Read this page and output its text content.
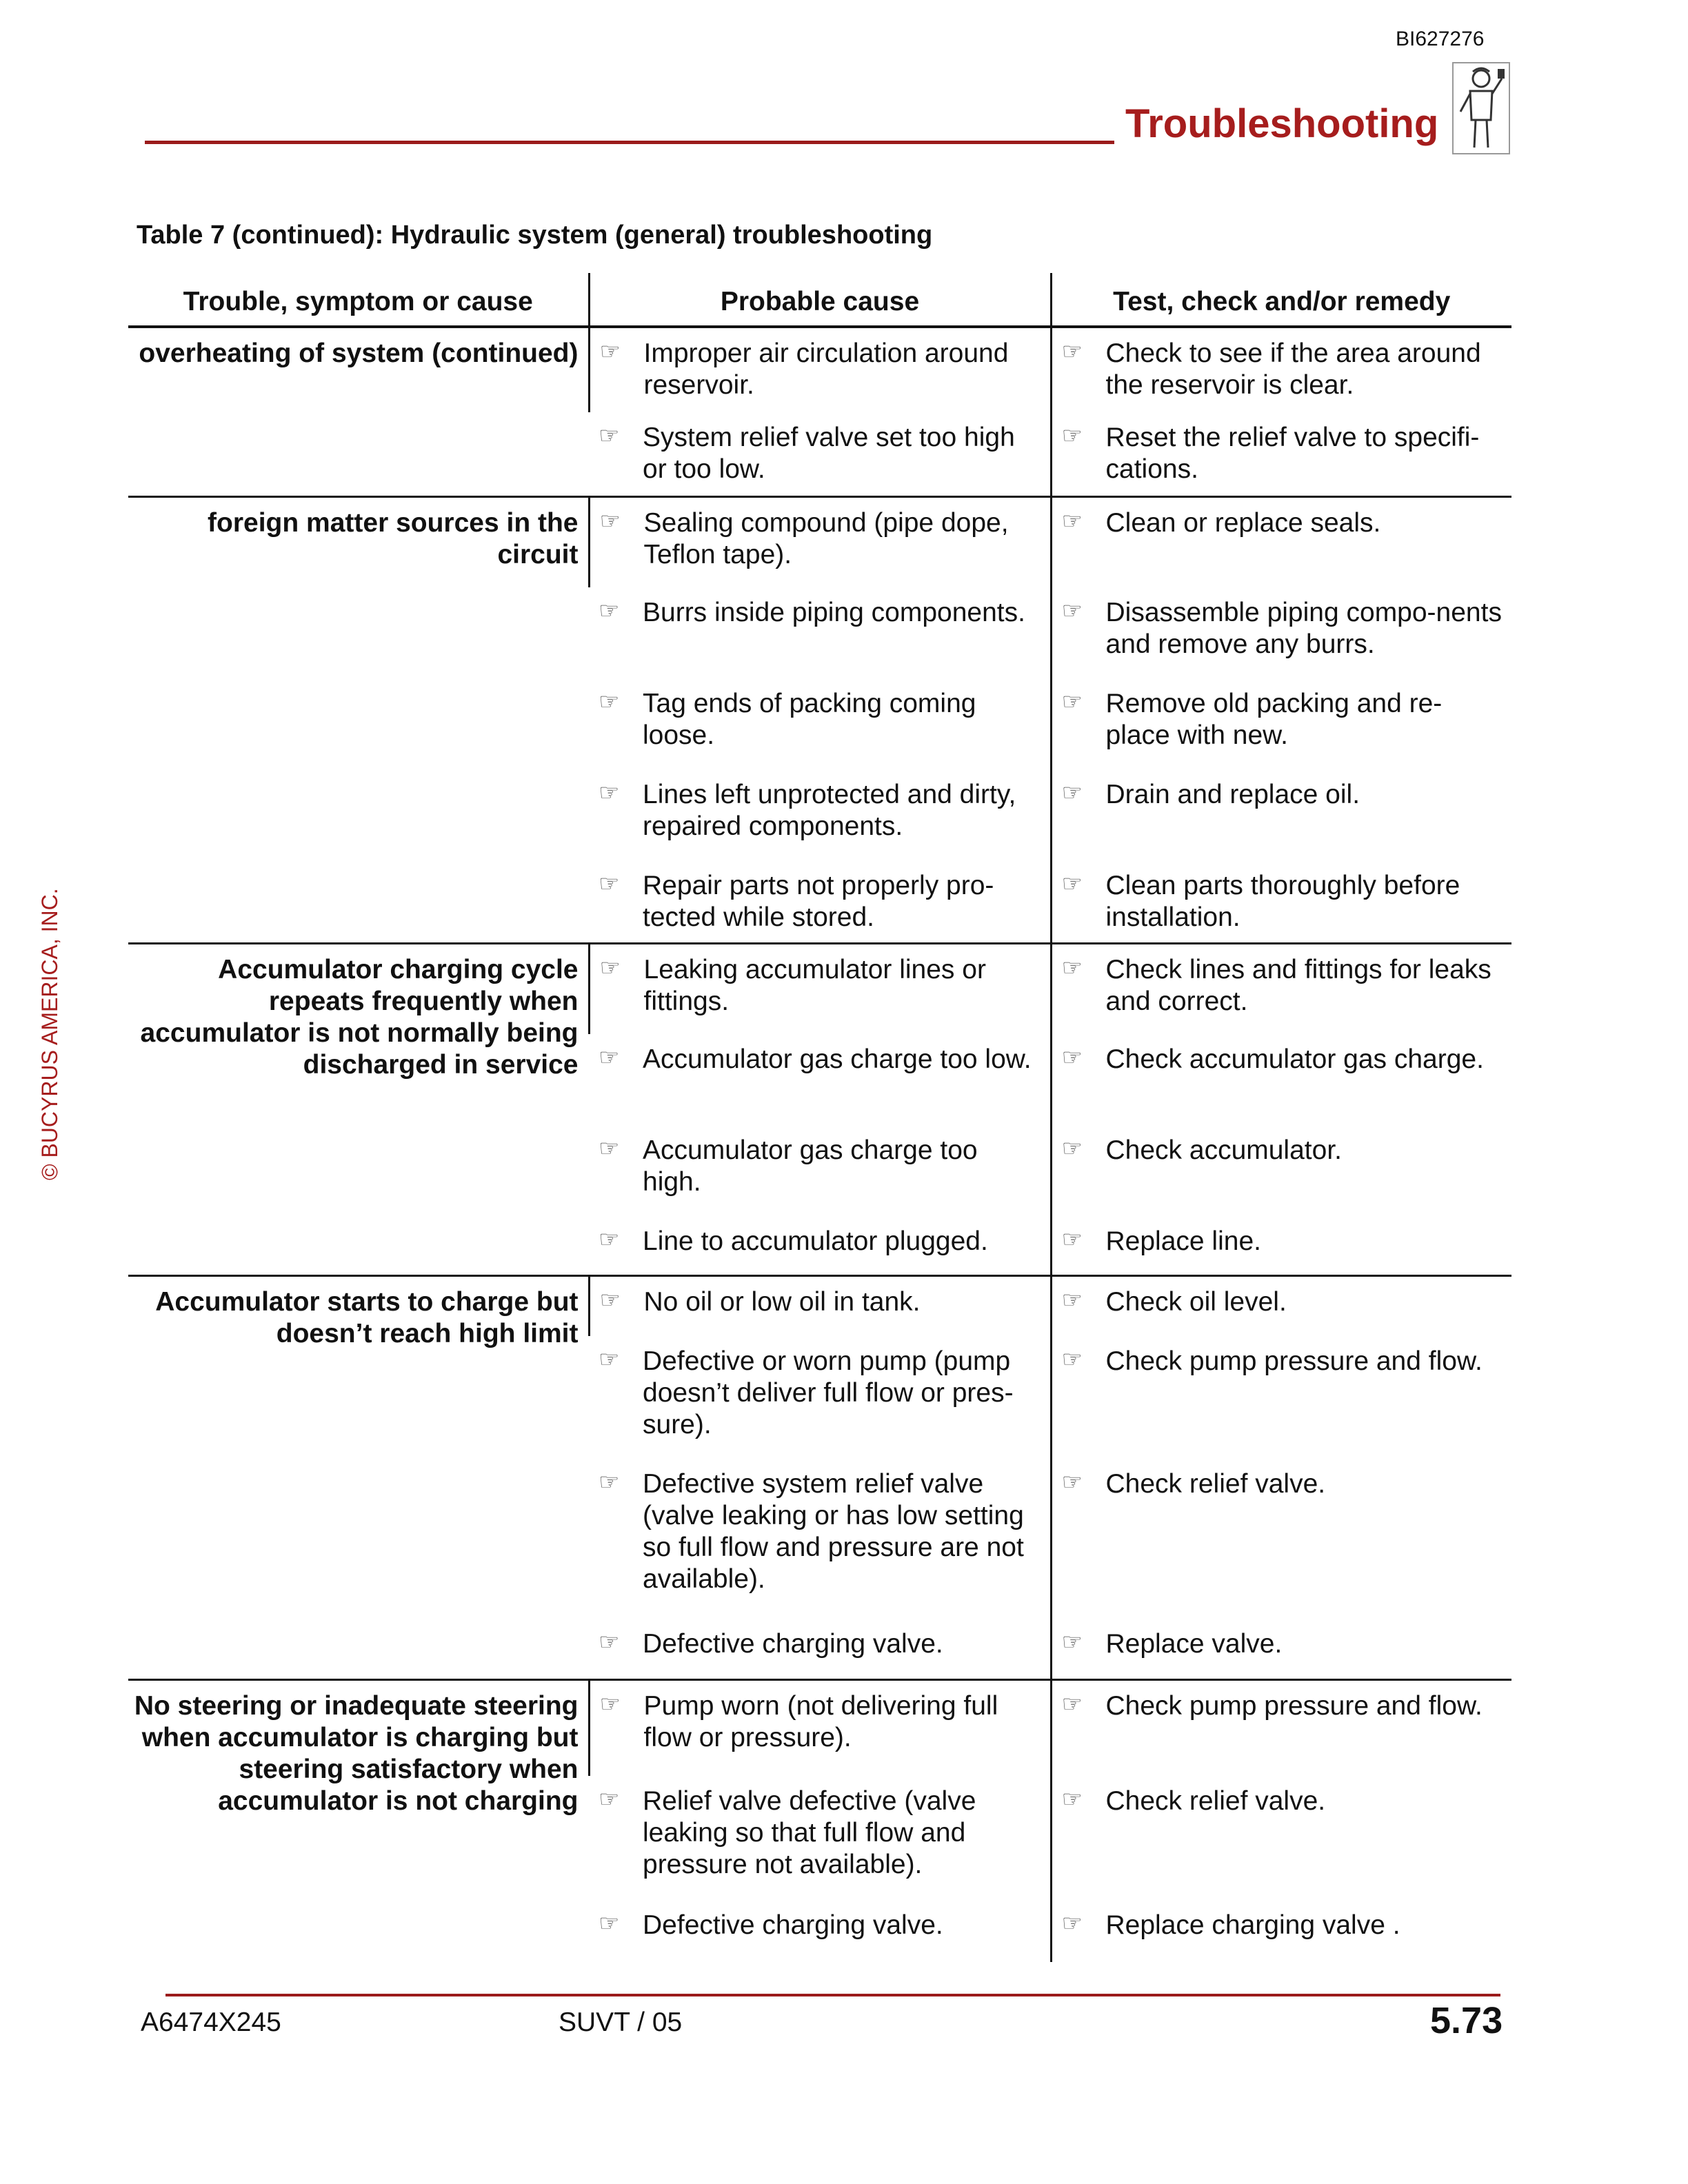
BI627276
Troubleshooting
© BUCYRUS AMERICA, INC.
Table 7 (continued): Hydraulic system (general) troubleshooting
Trouble, symptom or cause	Probable cause	Test, check and/or remedy
overheating of system (continued)	☞ Improper air circulation around reservoir.	☞ Check to see if the area around the reservoir is clear.

	☞ System relief valve set too high or too low.	☞ Reset the relief valve to specifi-cations.

foreign matter sources in the circuit	☞ Sealing compound (pipe dope, Teflon tape).	☞ Clean or replace seals.

	☞ Burrs inside piping components.	☞ Disassemble piping compo-nents and remove any burrs.

	☞ Tag ends of packing coming loose.	☞ Remove old packing and re-place with new.

	☞ Lines left unprotected and dirty, repaired components.	☞ Drain and replace oil.

	☞ Repair parts not properly pro-tected while stored.	☞ Clean parts thoroughly before installation.

Accumulator charging cycle repeats frequently when accumulator is not normally being discharged in service	☞ Leaking accumulator lines or fittings.	☞ Check lines and fittings for leaks and correct.

	☞ Accumulator gas charge too low.	☞ Check accumulator gas charge.

	☞ Accumulator gas charge too high.	☞ Check accumulator.

	☞ Line to accumulator plugged.	☞ Replace line.

Accumulator starts to charge but doesn’t reach high limit	☞ No oil or low oil in tank.	☞ Check oil level.

	☞ Defective or worn pump (pump doesn’t deliver full flow or pres-sure).	☞ Check pump pressure and flow.

	☞ Defective system relief valve (valve leaking or has low setting so full flow and pressure are not available).	☞ Check relief valve.

	☞ Defective charging valve.	☞ Replace valve.

No steering or inadequate steering when accumulator is charging but steering satisfactory when accumulator is not charging	☞ Pump worn (not delivering full flow or pressure).	☞ Check pump pressure and flow.

	☞ Relief valve defective (valve leaking so that full flow and pressure not available).	☞ Check relief valve.

	☞ Defective charging valve.	☞ Replace charging valve .
A6474X245	SUVT / 05	5.73
